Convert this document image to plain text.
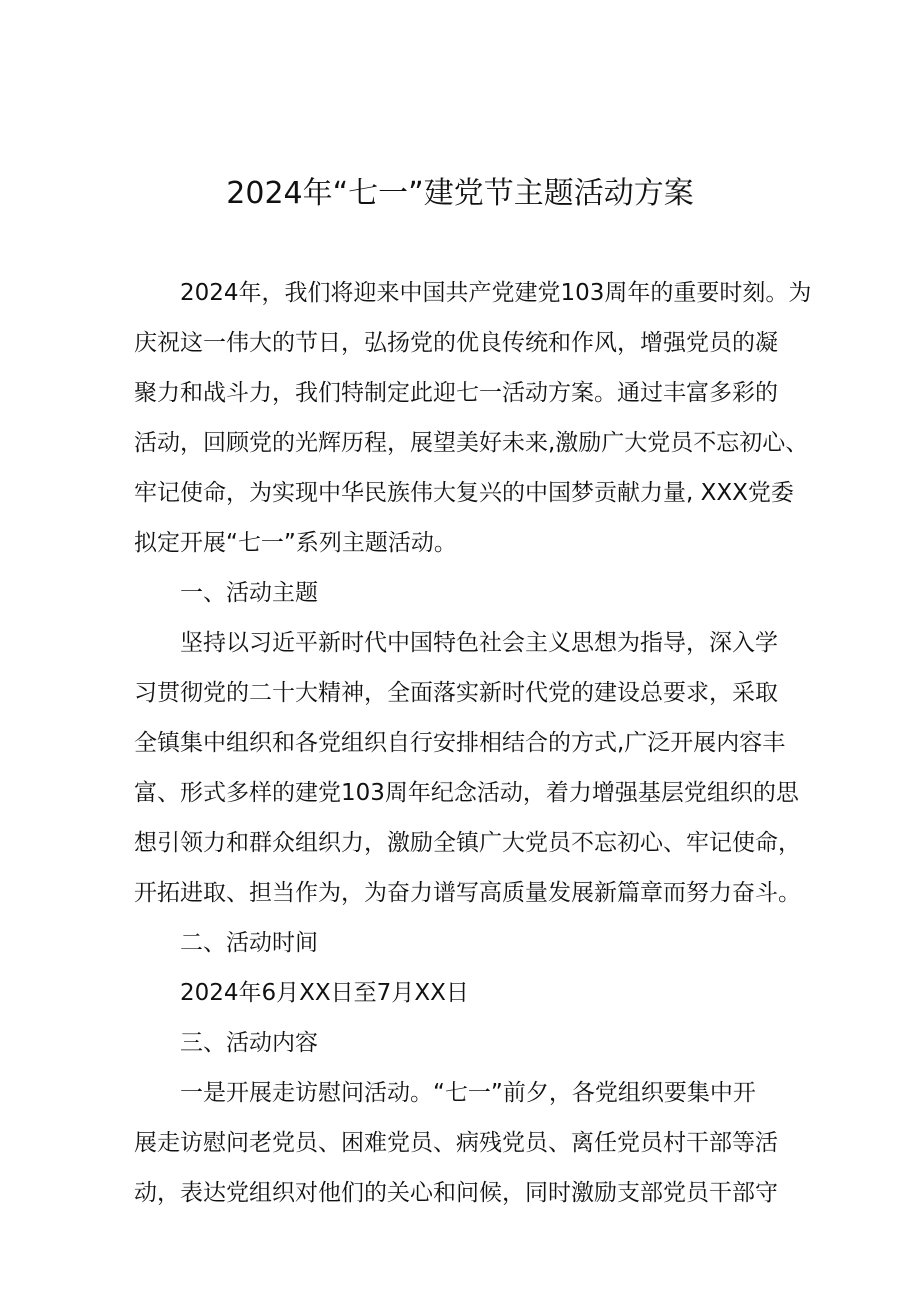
2024年“七一”建党节主题活动方案
2024年，我们将迎来中国共产党建党103周年的重要时刻。为
庆祝这一伟大的节日，弘扬党的优良传统和作风，增强党员的凝
聚力和战斗力，我们特制定此迎七一活动方案。通过丰富多彩的
活动，回顾党的光辉历程，展望美好未来,激励广大党员不忘初心、
牢记使命，为实现中华民族伟大复兴的中国梦贡献力量, XXX党委
拟定开展“七一”系列主题活动。
一、活动主题
坚持以习近平新时代中国特色社会主义思想为指导，深入学
习贯彻党的二十大精神，全面落实新时代党的建设总要求，采取
全镇集中组织和各党组织自行安排相结合的方式,广泛开展内容丰
富、形式多样的建党103周年纪念活动，着力增强基层党组织的思
想引领力和群众组织力，激励全镇广大党员不忘初心、牢记使命，
开拓进取、担当作为，为奋力谱写高质量发展新篇章而努力奋斗。
二、活动时间
2024年6月XX日至7月XX日
三、活动内容
一是开展走访慰问活动。“七一”前夕，各党组织要集中开
展走访慰问老党员、困难党员、病残党员、离任党员村干部等活
动，表达党组织对他们的关心和问候，同时激励支部党员干部守
